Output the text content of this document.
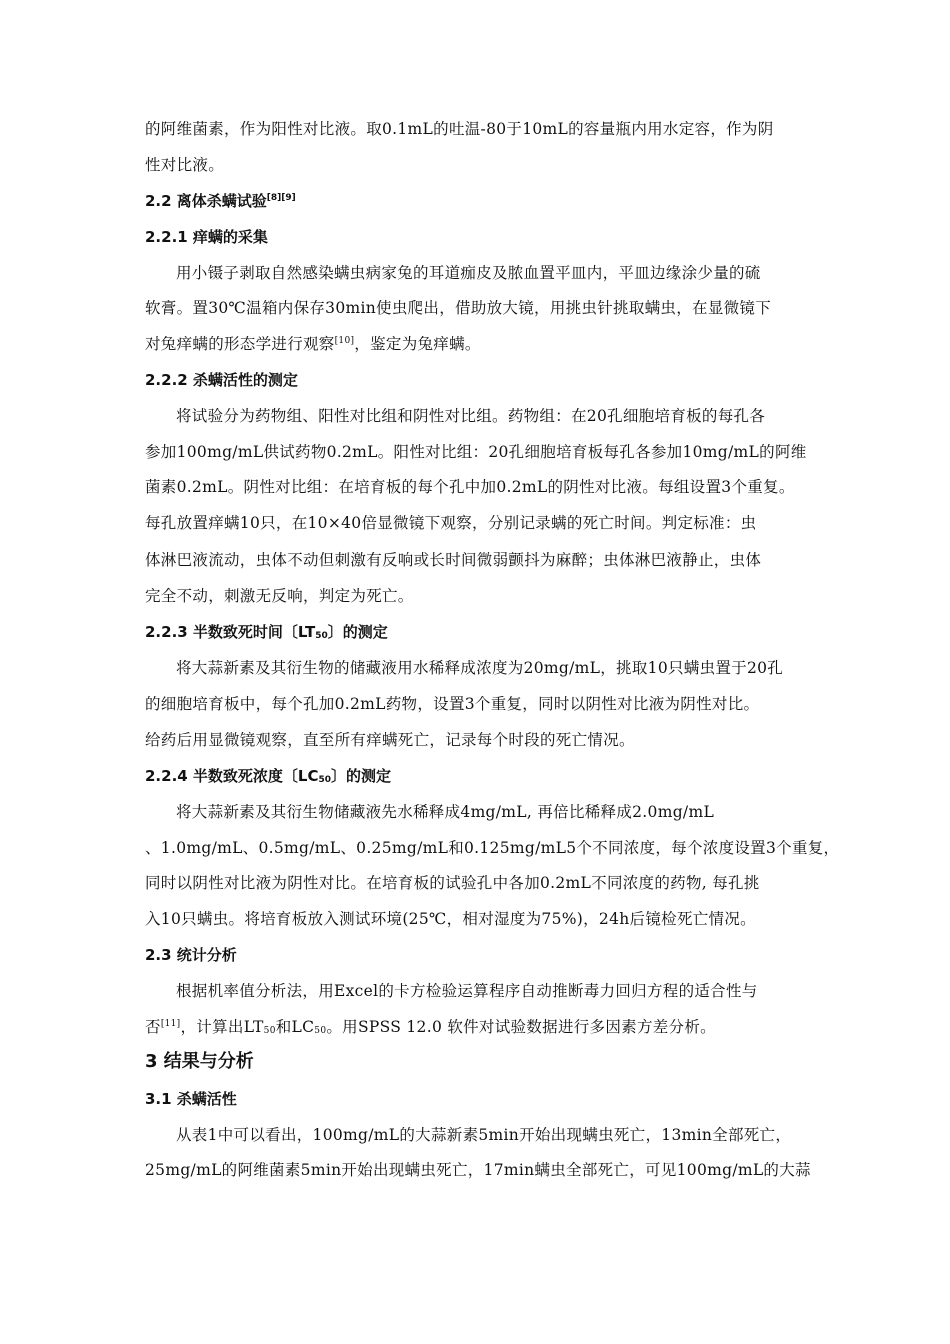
的阿维菌素，作为阳性对比液。取0.1mL的吐温-80于10mL的容量瓶内用水定容，作为阴
性对比液。
2.2 离体杀螨试验[8][9]
2.2.1 痒螨的采集
用小镊子剥取自然感染螨虫病家兔的耳道痂皮及脓血置平皿内，平皿边缘涂少量的硫
软膏。置30℃温箱内保存30min使虫爬出，借助放大镜，用挑虫针挑取螨虫，在显微镜下
对兔痒螨的形态学进行观察[10]，鉴定为兔痒螨。
2.2.2 杀螨活性的测定
将试验分为药物组、阳性对比组和阴性对比组。药物组：在20孔细胞培育板的每孔各
参加100mg/mL供试药物0.2mL。阳性对比组：20孔细胞培育板每孔各参加10mg/mL的阿维
菌素0.2mL。阴性对比组：在培育板的每个孔中加0.2mL的阴性对比液。每组设置3个重复。
每孔放置痒螨10只，在10×40倍显微镜下观察，分别记录螨的死亡时间。判定标准：虫
体淋巴液流动，虫体不动但刺激有反响或长时间微弱颤抖为麻醉；虫体淋巴液静止，虫体
完全不动，刺激无反响，判定为死亡。
2.2.3 半数致死时间〔$LT_{50}$〕的测定
将大蒜新素及其衍生物的储藏液用水稀释成浓度为20mg/mL，挑取10只螨虫置于20孔
的细胞培育板中，每个孔加0.2mL药物，设置3个重复，同时以阴性对比液为阴性对比。
给药后用显微镜观察，直至所有痒螨死亡，记录每个时段的死亡情况。
2.2.4 半数致死浓度〔$LC_{50}$〕的测定
将大蒜新素及其衍生物储藏液先水稀释成4mg/mL, 再倍比稀释成2.0mg/mL
、1.0mg/mL、0.5mg/mL、0.25mg/mL和0.125mg/mL5个不同浓度，每个浓度设置3个重复，
同时以阴性对比液为阴性对比。在培育板的试验孔中各加0.2mL不同浓度的药物, 每孔挑
入10只螨虫。将培育板放入测试环境(25℃，相对湿度为75%)，24h后镜检死亡情况。
2.3 统计分析
根据机率值分析法，用Excel的卡方检验运算程序自动推断毒力回归方程的适合性与
否[11]，计算出$LT_{50}$和$LC_{50}$。用SPSS 12.0 软件对试验数据进行多因素方差分析。
3 结果与分析
3.1 杀螨活性
从表1中可以看出，100mg/mL的大蒜新素5min开始出现螨虫死亡，13min全部死亡，
25mg/mL的阿维菌素5min开始出现螨虫死亡，17min螨虫全部死亡，可见100mg/mL的大蒜
